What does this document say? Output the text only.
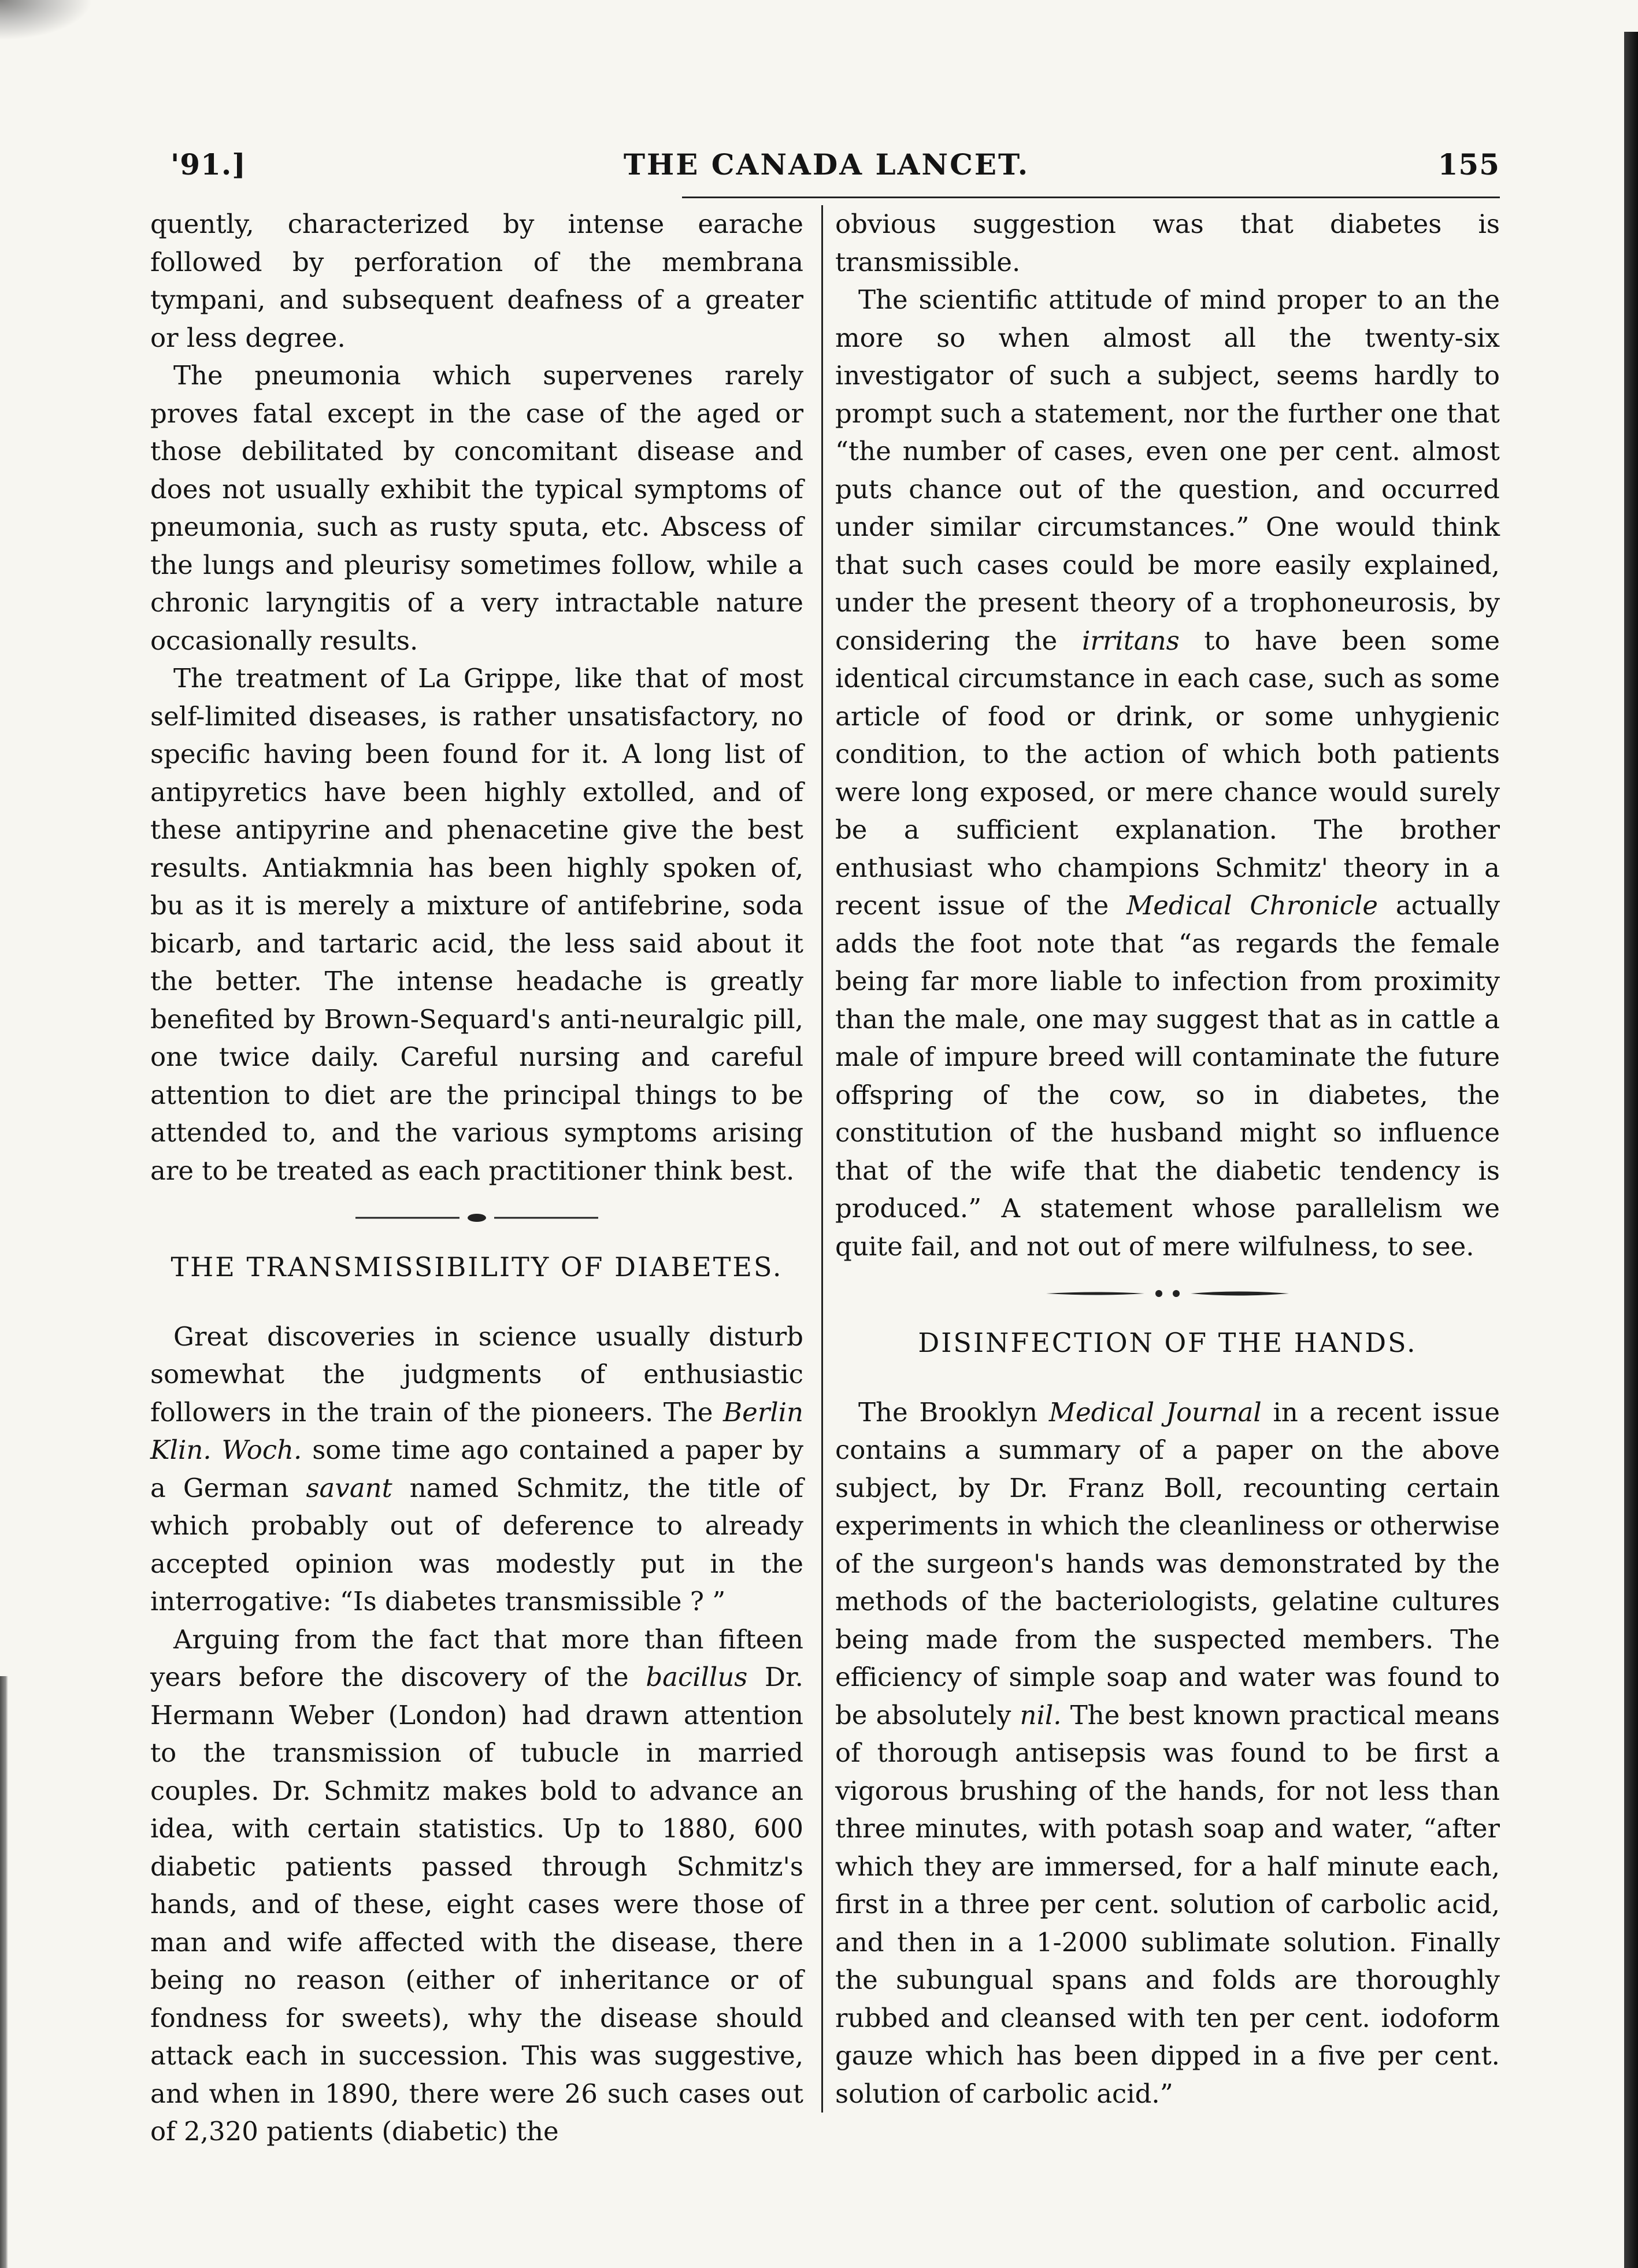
'91.]	THE CANADA LANCET.	155

quently, characterized by intense earache followed by perforation of the membrana tympani, and subsequent deafness of a greater or less degree.

The pneumonia which supervenes rarely proves fatal except in the case of the aged or those debilitated by concomitant disease and does not usually exhibit the typical symptoms of pneumonia, such as rusty sputa, etc. Abscess of the lungs and pleurisy sometimes follow, while a chronic laryngitis of a very intractable nature occasionally results.

The treatment of La Grippe, like that of most self-limited diseases, is rather unsatisfactory, no specific having been found for it. A long list of antipyretics have been highly extolled, and of these antipyrine and phenacetine give the best results. Antiakmnia has been highly spoken of, bu as it is merely a mixture of antifebrine, soda bicarb, and tartaric acid, the less said about it the better. The intense headache is greatly benefited by Brown-Sequard's anti-neuralgic pill, one twice daily. Careful nursing and careful attention to diet are the principal things to be attended to, and the various symptoms arising are to be treated as each practitioner think best.

THE TRANSMISSIBILITY OF DIABETES.

Great discoveries in science usually disturb somewhat the judgments of enthusiastic followers in the train of the pioneers. The Berlin Klin. Woch. some time ago contained a paper by a German savant named Schmitz, the title of which probably out of deference to already accepted opinion was modestly put in the interrogative: “Is diabetes transmissible ? ”

Arguing from the fact that more than fifteen years before the discovery of the bacillus Dr. Hermann Weber (London) had drawn attention to the transmission of tubucle in married couples. Dr. Schmitz makes bold to advance an idea, with certain statistics. Up to 1880, 600 diabetic patients passed through Schmitz's hands, and of these, eight cases were those of man and wife affected with the disease, there being no reason (either of inheritance or of fondness for sweets), why the disease should attack each in succession. This was suggestive, and when in 1890, there were 26 such cases out of 2,320 patients (diabetic) the

obvious suggestion was that diabetes is transmissible.

The scientific attitude of mind proper to an the more so when almost all the twenty-six investigator of such a subject, seems hardly to prompt such a statement, nor the further one that “the number of cases, even one per cent. almost puts chance out of the question, and occurred under similar circumstances.” One would think that such cases could be more easily explained, under the present theory of a trophoneurosis, by considering the irritans to have been some identical circumstance in each case, such as some article of food or drink, or some unhygienic condition, to the action of which both patients were long exposed, or mere chance would surely be a sufficient explanation. The brother enthusiast who champions Schmitz' theory in a recent issue of the Medical Chronicle actually adds the foot note that “as regards the female being far more liable to infection from proximity than the male, one may suggest that as in cattle a male of impure breed will contaminate the future offspring of the cow, so in diabetes, the constitution of the husband might so influence that of the wife that the diabetic tendency is produced.” A statement whose parallelism we quite fail, and not out of mere wilfulness, to see.

DISINFECTION OF THE HANDS.

The Brooklyn Medical Journal in a recent issue contains a summary of a paper on the above subject, by Dr. Franz Boll, recounting certain experiments in which the cleanliness or otherwise of the surgeon's hands was demonstrated by the methods of the bacteriologists, gelatine cultures being made from the suspected members. The efficiency of simple soap and water was found to be absolutely nil. The best known practical means of thorough antisepsis was found to be first a vigorous brushing of the hands, for not less than three minutes, with potash soap and water, “after which they are immersed, for a half minute each, first in a three per cent. solution of carbolic acid, and then in a 1-2000 sublimate solution. Finally the subungual spans and folds are thoroughly rubbed and cleansed with ten per cent. iodoform gauze which has been dipped in a five per cent. solution of carbolic acid.”
